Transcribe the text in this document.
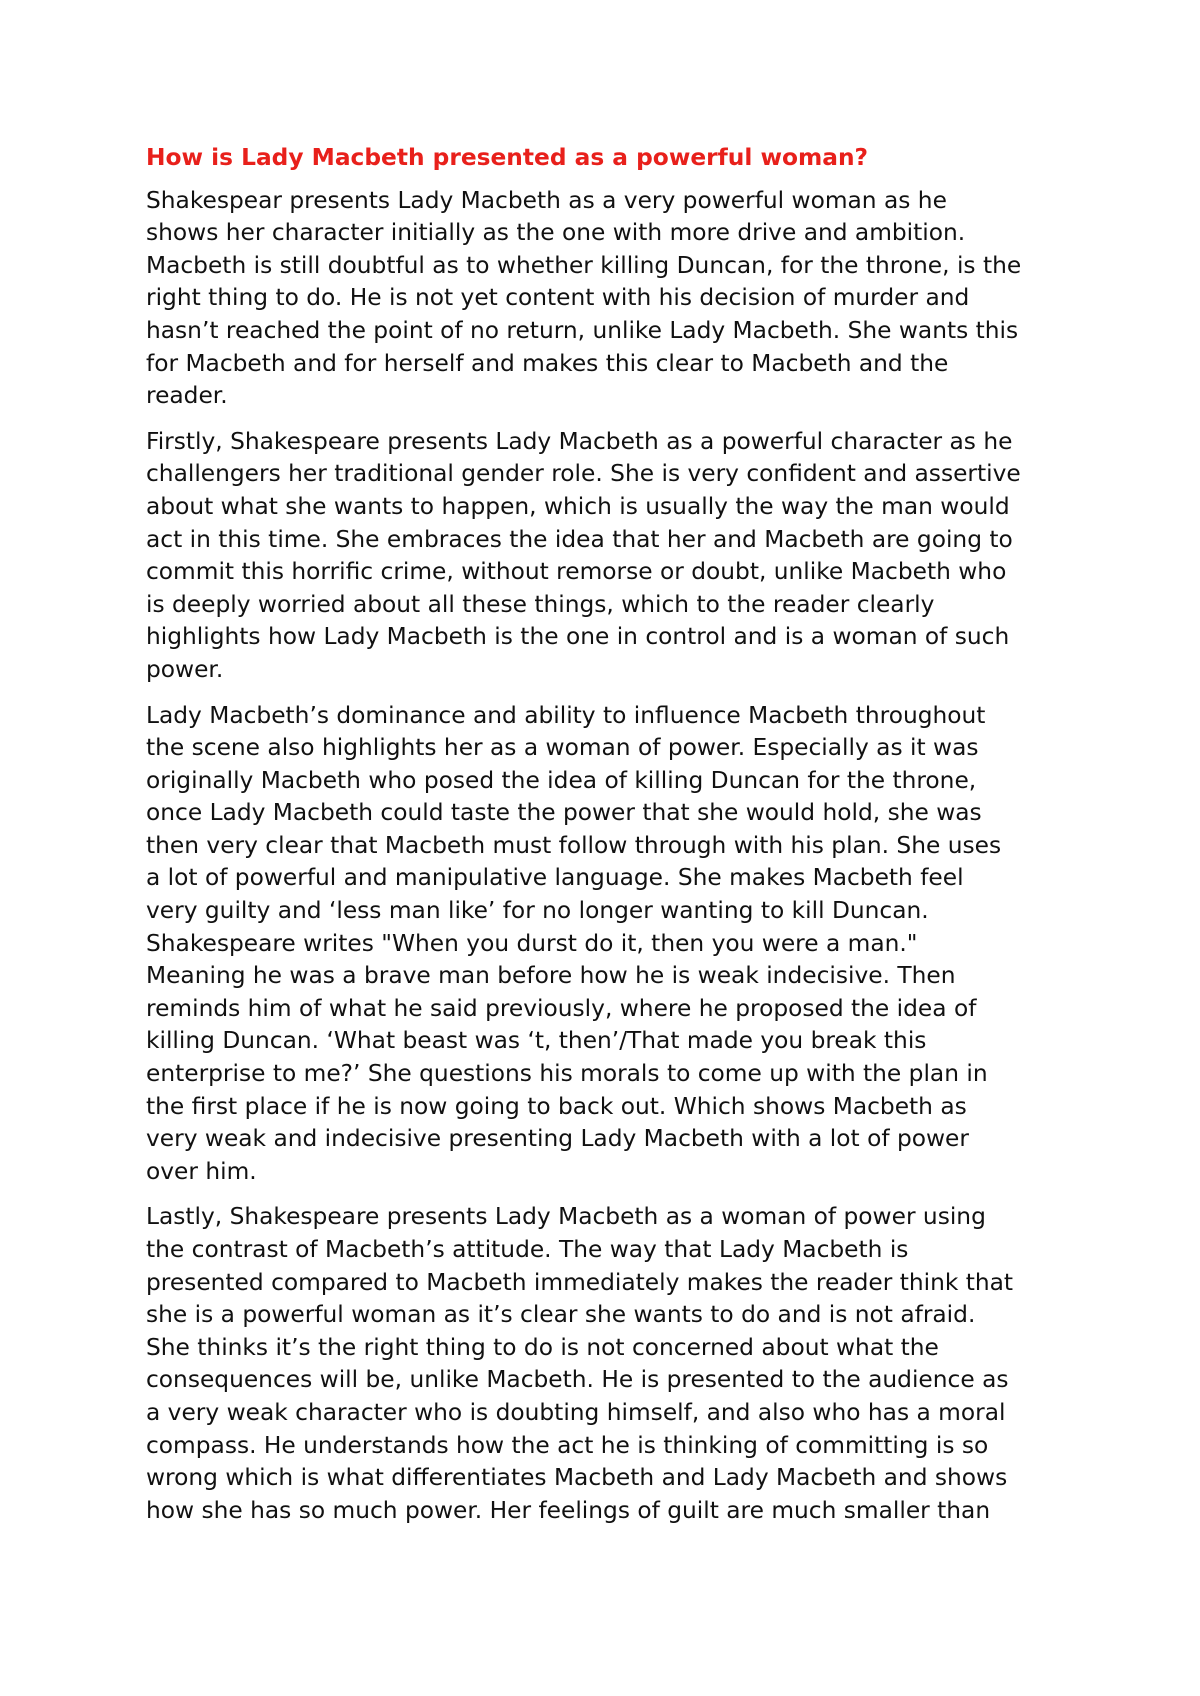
How is Lady Macbeth presented as a powerful woman?
Shakespear presents Lady Macbeth as a very powerful woman as he
shows her character initially as the one with more drive and ambition.
Macbeth is still doubtful as to whether killing Duncan, for the throne, is the
right thing to do. He is not yet content with his decision of murder and
hasn’t reached the point of no return, unlike Lady Macbeth. She wants this
for Macbeth and for herself and makes this clear to Macbeth and the
reader.
Firstly, Shakespeare presents Lady Macbeth as a powerful character as he
challengers her traditional gender role. She is very confident and assertive
about what she wants to happen, which is usually the way the man would
act in this time. She embraces the idea that her and Macbeth are going to
commit this horrific crime, without remorse or doubt, unlike Macbeth who
is deeply worried about all these things, which to the reader clearly
highlights how Lady Macbeth is the one in control and is a woman of such
power.
Lady Macbeth’s dominance and ability to influence Macbeth throughout
the scene also highlights her as a woman of power. Especially as it was
originally Macbeth who posed the idea of killing Duncan for the throne,
once Lady Macbeth could taste the power that she would hold, she was
then very clear that Macbeth must follow through with his plan. She uses
a lot of powerful and manipulative language. She makes Macbeth feel
very guilty and ‘less man like’ for no longer wanting to kill Duncan.
Shakespeare writes "When you durst do it, then you were a man."
Meaning he was a brave man before how he is weak indecisive. Then
reminds him of what he said previously, where he proposed the idea of
killing Duncan. ‘What beast was ‘t, then’/That made you break this
enterprise to me?’ She questions his morals to come up with the plan in
the first place if he is now going to back out. Which shows Macbeth as
very weak and indecisive presenting Lady Macbeth with a lot of power
over him.
Lastly, Shakespeare presents Lady Macbeth as a woman of power using
the contrast of Macbeth’s attitude. The way that Lady Macbeth is
presented compared to Macbeth immediately makes the reader think that
she is a powerful woman as it’s clear she wants to do and is not afraid.
She thinks it’s the right thing to do is not concerned about what the
consequences will be, unlike Macbeth. He is presented to the audience as
a very weak character who is doubting himself, and also who has a moral
compass. He understands how the act he is thinking of committing is so
wrong which is what differentiates Macbeth and Lady Macbeth and shows
how she has so much power. Her feelings of guilt are much smaller than
